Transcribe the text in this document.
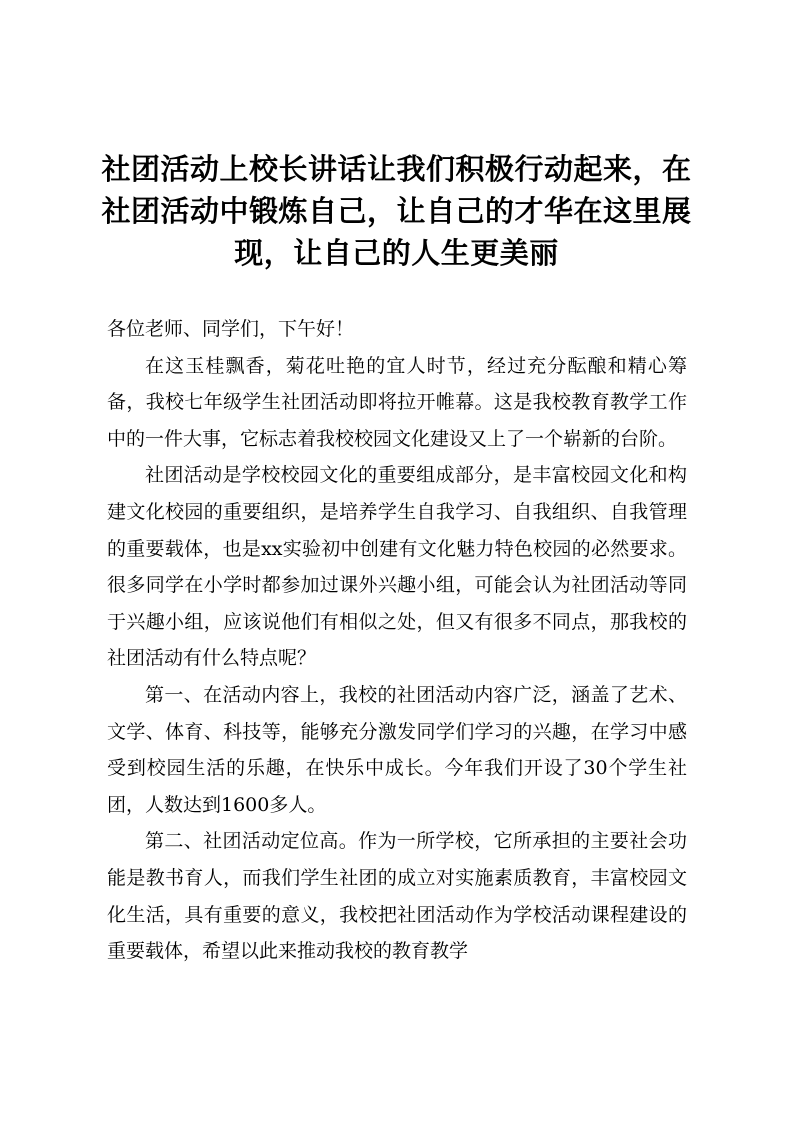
社团活动上校长讲话让我们积极行动起来，在社团活动中锻炼自己，让自己的才华在这里展现，让自己的人生更美丽

各位老师、同学们，下午好！

在这玉桂飘香，菊花吐艳的宜人时节，经过充分酝酿和精心筹备，我校七年级学生社团活动即将拉开帷幕。这是我校教育教学工作中的一件大事，它标志着我校校园文化建设又上了一个崭新的台阶。

社团活动是学校校园文化的重要组成部分，是丰富校园文化和构建文化校园的重要组织，是培养学生自我学习、自我组织、自我管理的重要载体，也是xx实验初中创建有文化魅力特色校园的必然要求。很多同学在小学时都参加过课外兴趣小组，可能会认为社团活动等同于兴趣小组，应该说他们有相似之处，但又有很多不同点，那我校的社团活动有什么特点呢？

第一、在活动内容上，我校的社团活动内容广泛，涵盖了艺术、文学、体育、科技等，能够充分激发同学们学习的兴趣，在学习中感受到校园生活的乐趣，在快乐中成长。今年我们开设了30个学生社团，人数达到1600多人。

第二、社团活动定位高。作为一所学校，它所承担的主要社会功能是教书育人，而我们学生社团的成立对实施素质教育，丰富校园文化生活，具有重要的意义，我校把社团活动作为学校活动课程建设的重要载体，希望以此来推动我校的教育教学
